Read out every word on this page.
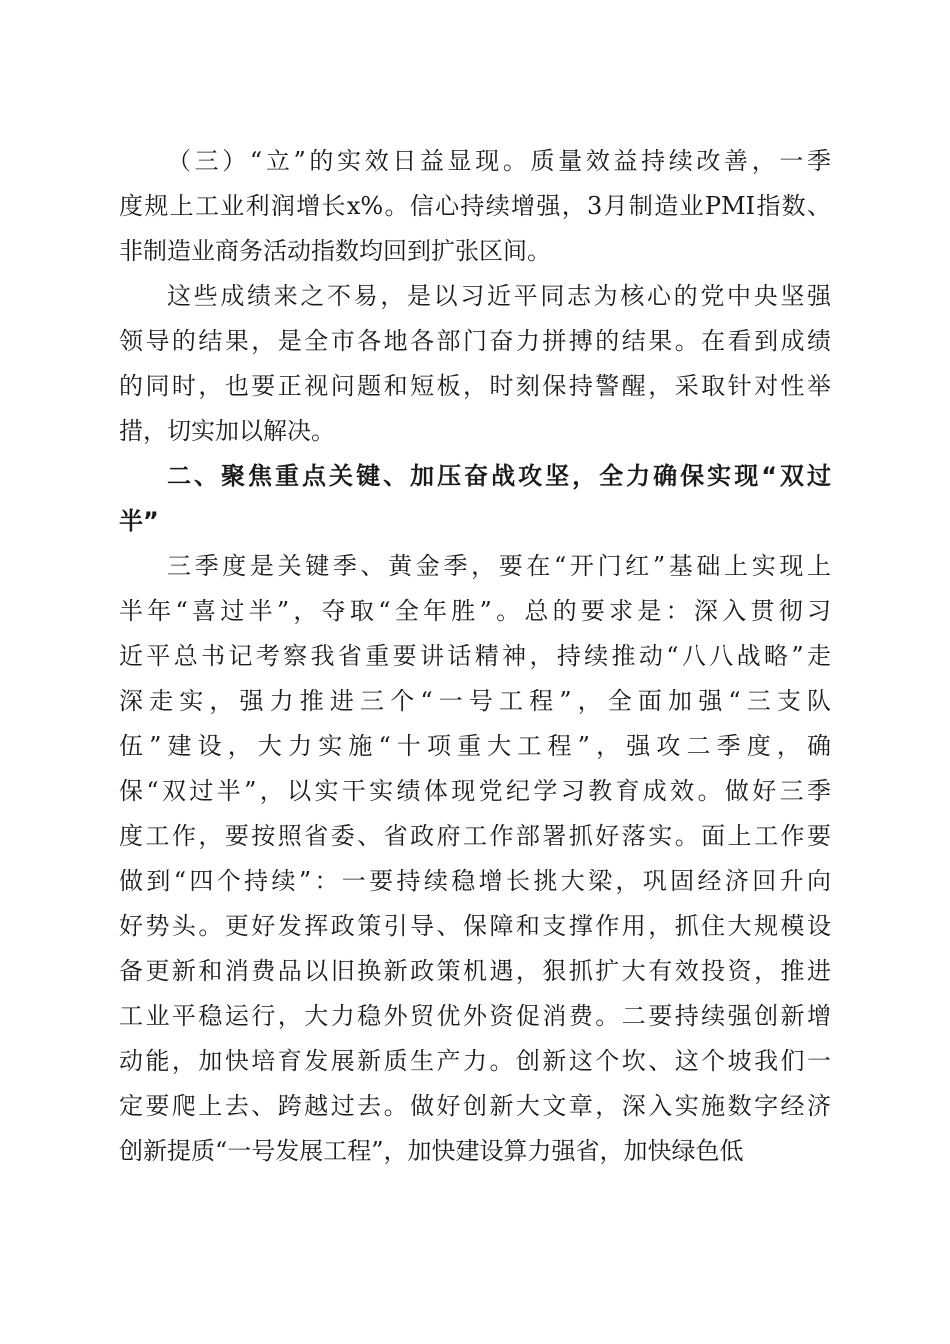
（三）“立”的实效日益显现。质量效益持续改善，一季
度规上工业利润增长x%。信心持续增强，3月制造业PMI指数、
非制造业商务活动指数均回到扩张区间。
这些成绩来之不易，是以习近平同志为核心的党中央坚强
领导的结果，是全市各地各部门奋力拼搏的结果。在看到成绩
的同时，也要正视问题和短板，时刻保持警醒，采取针对性举
措，切实加以解决。
二、聚焦重点关键、加压奋战攻坚，全力确保实现“双过
半”
三季度是关键季、黄金季，要在“开门红”基础上实现上
半年“喜过半”，夺取“全年胜”。总的要求是：深入贯彻习
近平总书记考察我省重要讲话精神，持续推动“八八战略”走
深走实，强力推进三个“一号工程”，全面加强“三支队
伍”建设，大力实施“十项重大工程”，强攻二季度，确
保“双过半”，以实干实绩体现党纪学习教育成效。做好三季
度工作，要按照省委、省政府工作部署抓好落实。面上工作要
做到“四个持续”：一要持续稳增长挑大梁，巩固经济回升向
好势头。更好发挥政策引导、保障和支撑作用，抓住大规模设
备更新和消费品以旧换新政策机遇，狠抓扩大有效投资，推进
工业平稳运行，大力稳外贸优外资促消费。二要持续强创新增
动能，加快培育发展新质生产力。创新这个坎、这个坡我们一
定要爬上去、跨越过去。做好创新大文章，深入实施数字经济
创新提质“一号发展工程”，加快建设算力强省，加快绿色低
